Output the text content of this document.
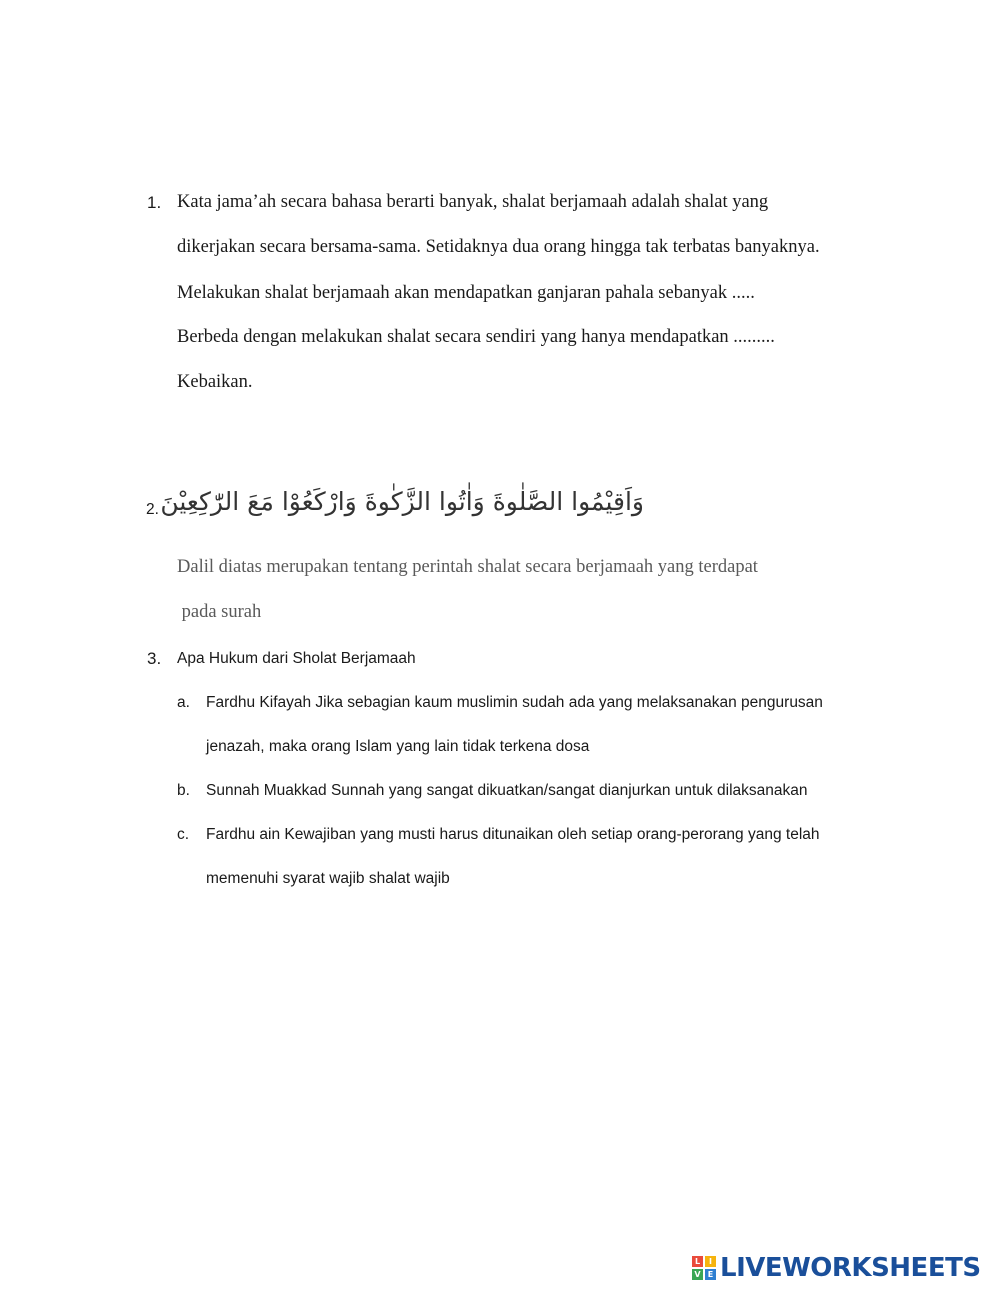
1. Kata jama’ah secara bahasa berarti banyak, shalat berjamaah adalah shalat yang
dikerjakan secara bersama-sama. Setidaknya dua orang hingga tak terbatas banyaknya.
Melakukan shalat berjamaah akan mendapatkan ganjaran pahala sebanyak .....
Berbeda dengan melakukan shalat secara sendiri yang hanya mendapatkan .........
Kebaikan.
2. وَاَقِيْمُوا الصَّلٰوةَ وَاٰتُوا الزَّكٰوةَ وَارْكَعُوْا مَعَ الرّٰكِعِيْنَ
Dalil diatas merupakan tentang perintah shalat secara berjamaah yang terdapat
pada surah
3. Apa Hukum dari Sholat Berjamaah
a. Fardhu Kifayah Jika sebagian kaum muslimin sudah ada yang melaksanakan pengurusan
jenazah, maka orang Islam yang lain tidak terkena dosa
b. Sunnah Muakkad Sunnah yang sangat dikuatkan/sangat dianjurkan untuk dilaksanakan
c. Fardhu ain Kewajiban yang musti harus ditunaikan oleh setiap orang-perorang yang telah
memenuhi syarat wajib shalat wajib
L	I
V E LIVEWORKSHEETS
